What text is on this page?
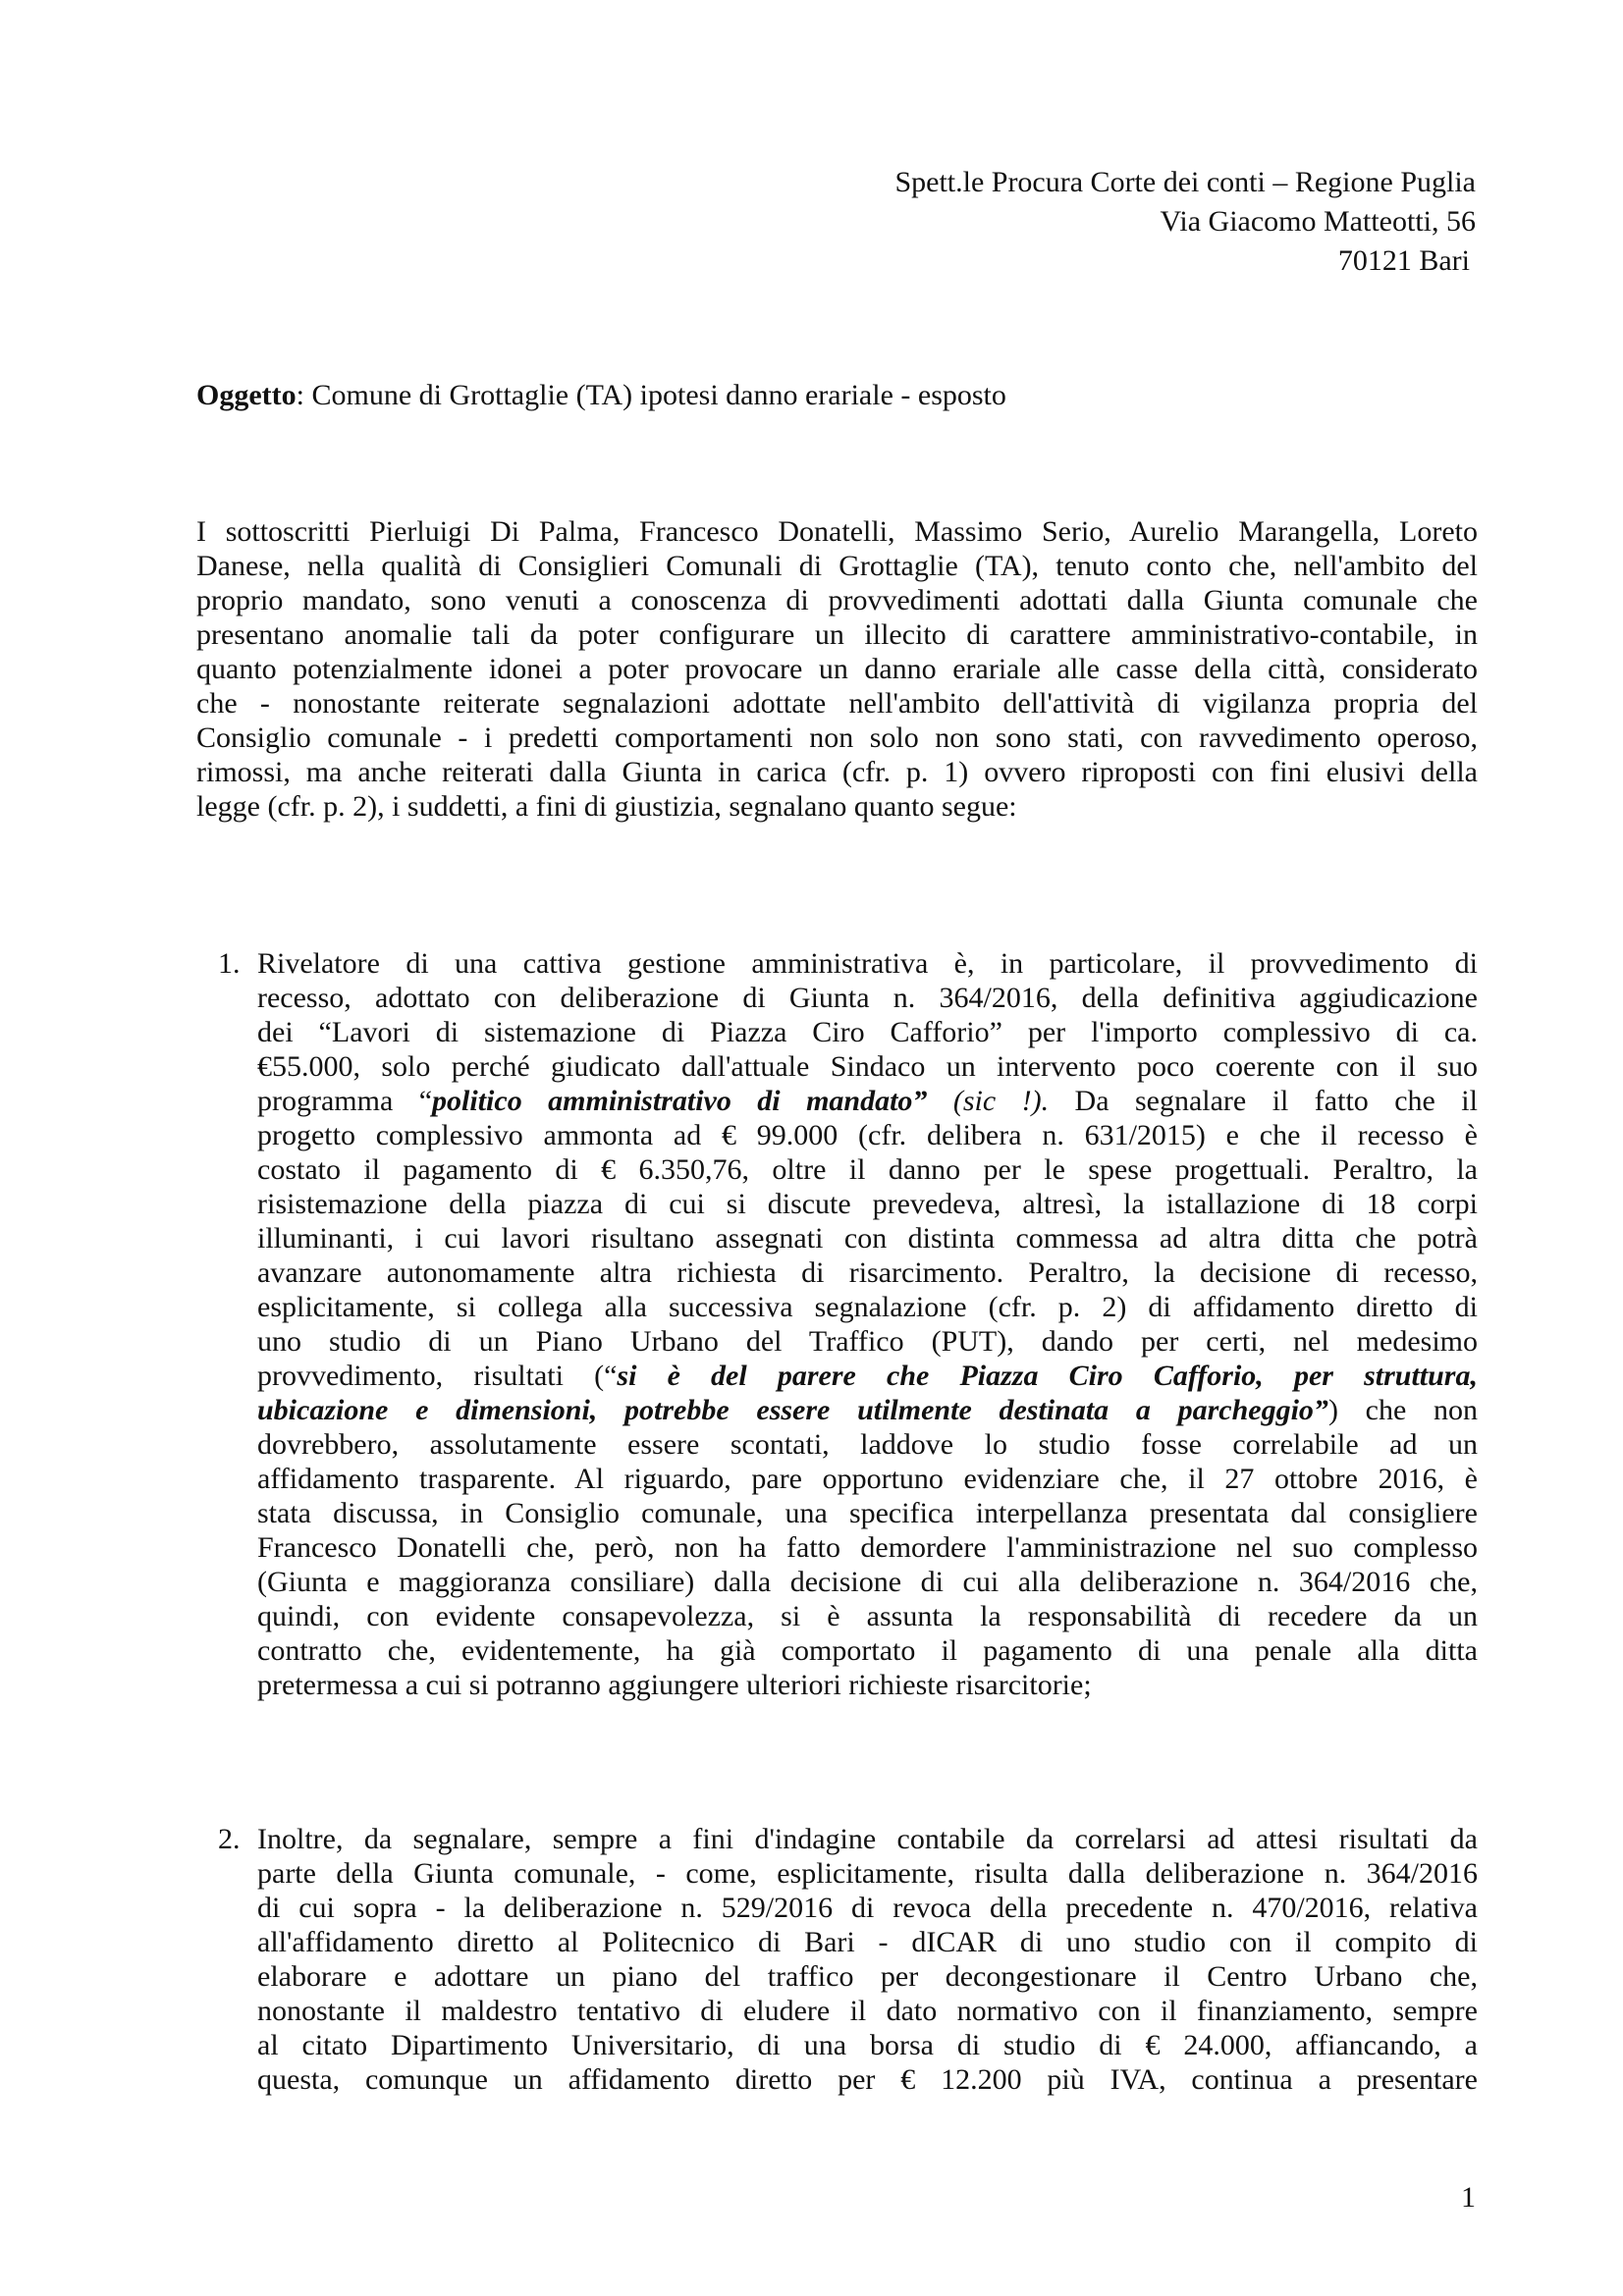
Spett.le Procura Corte dei conti – Regione Puglia
Via Giacomo Matteotti, 56
70121 Bari
Oggetto: Comune di Grottaglie (TA) ipotesi danno erariale - esposto
I sottoscritti Pierluigi Di Palma, Francesco Donatelli, Massimo Serio, Aurelio Marangella, Loreto
Danese, nella qualità di Consiglieri Comunali di Grottaglie (TA), tenuto conto che, nell'ambito del
proprio mandato, sono venuti a conoscenza di provvedimenti adottati dalla Giunta comunale che
presentano anomalie tali da poter configurare un illecito di carattere amministrativo-contabile, in
quanto potenzialmente idonei a poter provocare un danno erariale alle casse della città, considerato
che - nonostante reiterate segnalazioni adottate nell'ambito dell'attività di vigilanza propria del
Consiglio comunale - i predetti comportamenti non solo non sono stati, con ravvedimento operoso,
rimossi, ma anche reiterati dalla Giunta in carica (cfr. p. 1) ovvero riproposti con fini elusivi della
legge (cfr. p. 2), i suddetti, a fini di giustizia, segnalano quanto segue:
1. Rivelatore di una cattiva gestione amministrativa è, in particolare, il provvedimento di
recesso, adottato con deliberazione di Giunta n. 364/2016, della definitiva aggiudicazione
dei “Lavori di sistemazione di Piazza Ciro Cafforio” per l'importo complessivo di ca.
€55.000, solo perché giudicato dall'attuale Sindaco un intervento poco coerente con il suo
programma “politico amministrativo di mandato” (sic !). Da segnalare il fatto che il
progetto complessivo ammonta ad € 99.000 (cfr. delibera n. 631/2015) e che il recesso è
costato il pagamento di € 6.350,76, oltre il danno per le spese progettuali. Peraltro, la
risistemazione della piazza di cui si discute prevedeva, altresì, la istallazione di 18 corpi
illuminanti, i cui lavori risultano assegnati con distinta commessa ad altra ditta che potrà
avanzare autonomamente altra richiesta di risarcimento. Peraltro, la decisione di recesso,
esplicitamente, si collega alla successiva segnalazione (cfr. p. 2) di affidamento diretto di
uno studio di un Piano Urbano del Traffico (PUT), dando per certi, nel medesimo
provvedimento, risultati (“si è del parere che Piazza Ciro Cafforio, per struttura,
ubicazione e dimensioni, potrebbe essere utilmente destinata a parcheggio”) che non
dovrebbero, assolutamente essere scontati, laddove lo studio fosse correlabile ad un
affidamento trasparente. Al riguardo, pare opportuno evidenziare che, il 27 ottobre 2016, è
stata discussa, in Consiglio comunale, una specifica interpellanza presentata dal consigliere
Francesco Donatelli che, però, non ha fatto demordere l'amministrazione nel suo complesso
(Giunta e maggioranza consiliare) dalla decisione di cui alla deliberazione n. 364/2016 che,
quindi, con evidente consapevolezza, si è assunta la responsabilità di recedere da un
contratto che, evidentemente, ha già comportato il pagamento di una penale alla ditta
pretermessa a cui si potranno aggiungere ulteriori richieste risarcitorie;
2. Inoltre, da segnalare, sempre a fini d'indagine contabile da correlarsi ad attesi risultati da
parte della Giunta comunale, - come, esplicitamente, risulta dalla deliberazione n. 364/2016
di cui sopra - la deliberazione n. 529/2016 di revoca della precedente n. 470/2016, relativa
all'affidamento diretto al Politecnico di Bari - dICAR di uno studio con il compito di
elaborare e adottare un piano del traffico per decongestionare il Centro Urbano che,
nonostante il maldestro tentativo di eludere il dato normativo con il finanziamento, sempre
al citato Dipartimento Universitario, di una borsa di studio di € 24.000, affiancando, a
questa, comunque un affidamento diretto per € 12.200 più IVA, continua a presentare
1
